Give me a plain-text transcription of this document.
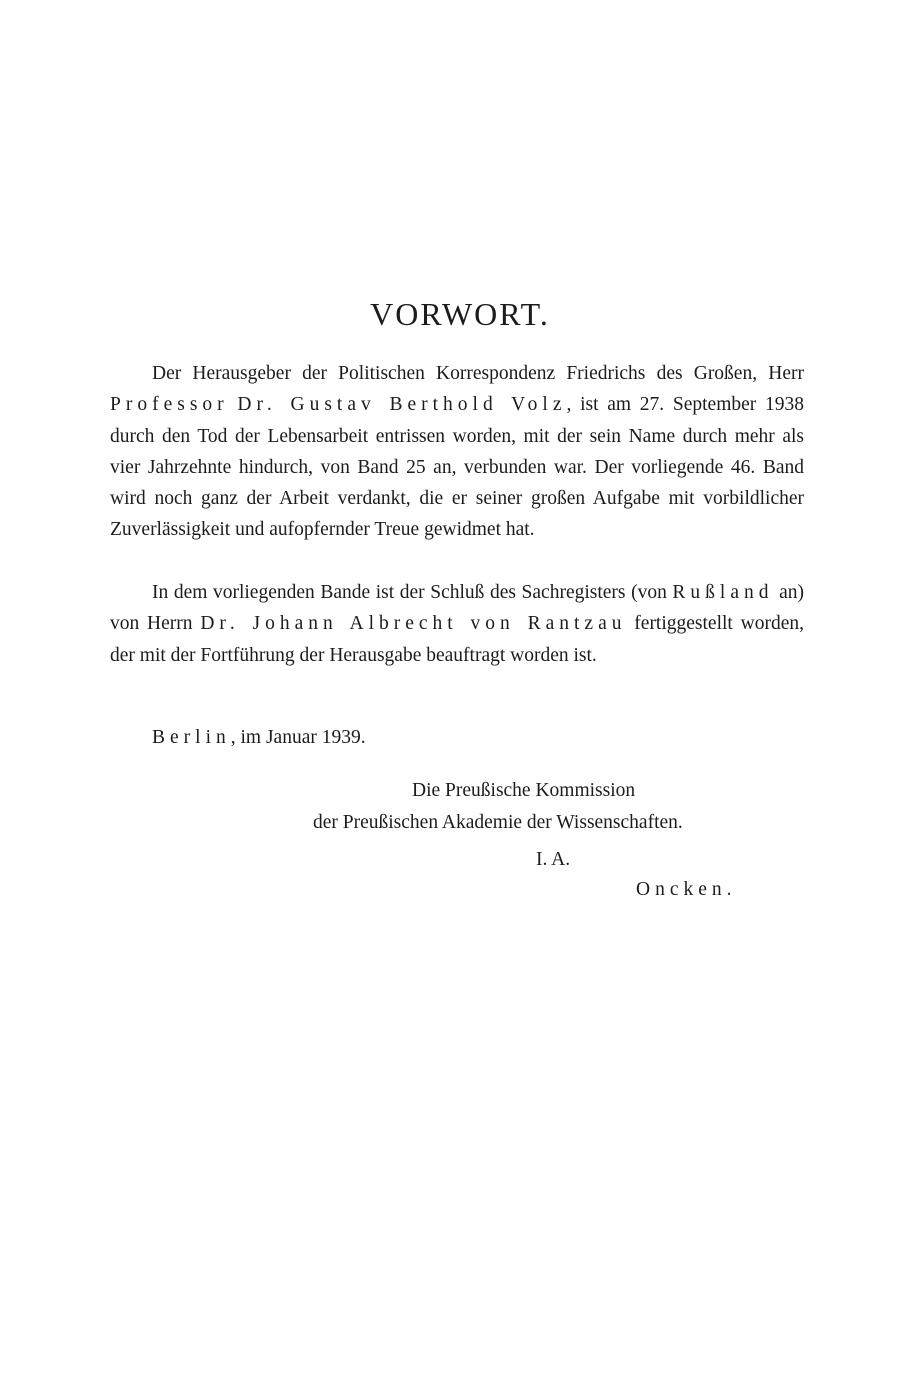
VORWORT.
Der Herausgeber der Politischen Korrespondenz Friedrichs des Großen, Herr Professor Dr. Gustav Berthold Volz, ist am 27. September 1938 durch den Tod der Lebensarbeit entrissen worden, mit der sein Name durch mehr als vier Jahrzehnte hindurch, von Band 25 an, verbunden war. Der vorliegende 46. Band wird noch ganz der Arbeit verdankt, die er seiner großen Aufgabe mit vorbildlicher Zuverlässigkeit und aufopfernder Treue gewidmet hat.
In dem vorliegenden Bande ist der Schluß des Sachregisters (von Rußland an) von Herrn Dr. Johann Albrecht von Rantzau fertiggestellt worden, der mit der Fortführung der Herausgabe beauftragt worden ist.
Berlin, im Januar 1939.
Die Preußische Kommission
der Preußischen Akademie der Wissenschaften.
I. A.
Oncken.
